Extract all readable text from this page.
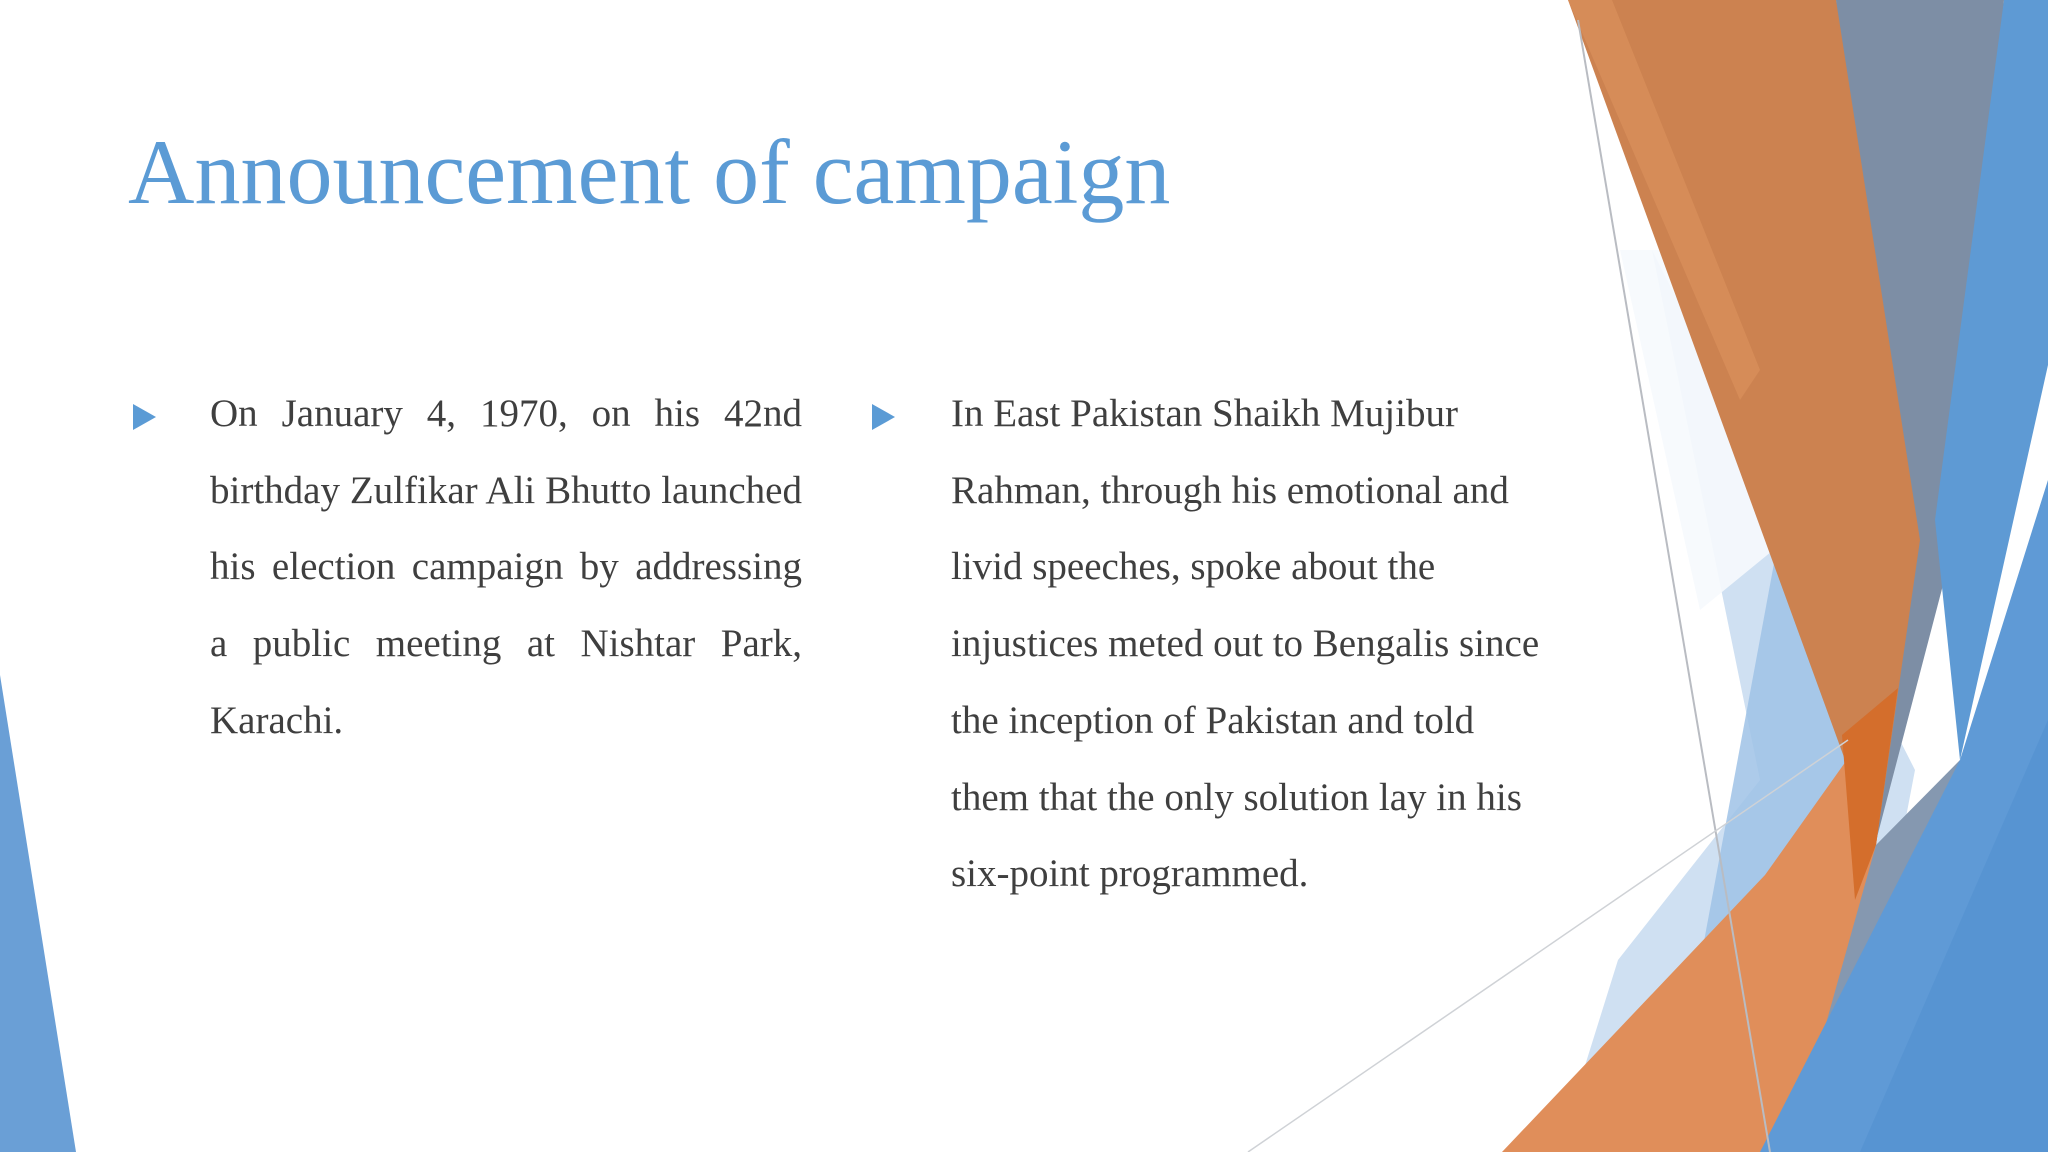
Announcement of campaign

On January 4, 1970, on his 42nd birthday Zulfikar Ali Bhutto launched his election campaign by addressing a public meeting at Nishtar Park, Karachi.

In East Pakistan Shaikh Mujibur Rahman, through his emotional and livid speeches, spoke about the injustices meted out to Bengalis since the inception of Pakistan and told them that the only solution lay in his six-point programmed.
